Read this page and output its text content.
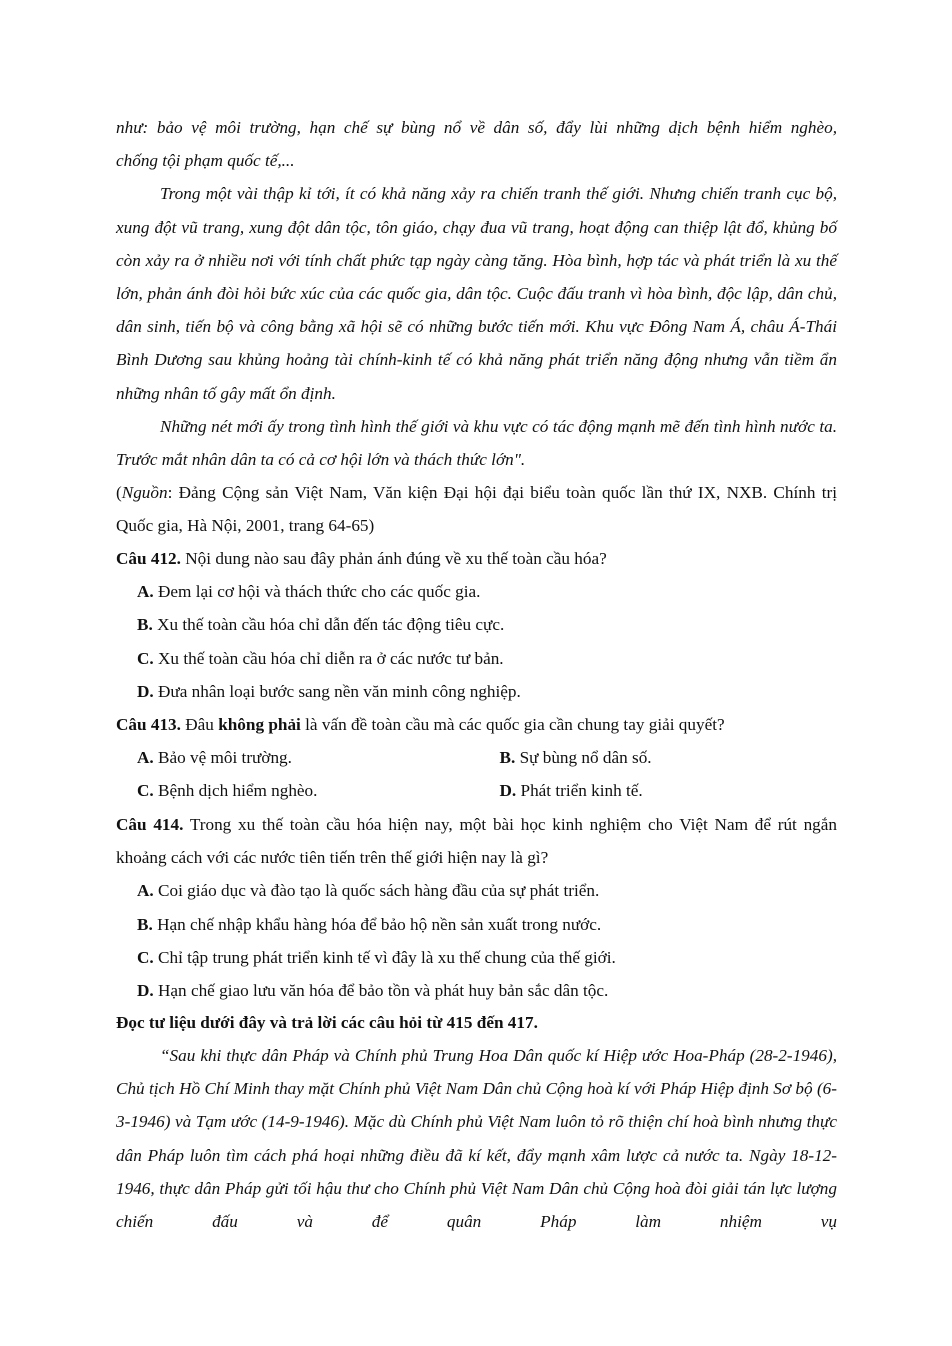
như: bảo vệ môi trường, hạn chế sự bùng nổ về dân số, đẩy lùi những dịch bệnh hiểm nghèo,

chống tội phạm quốc tế,...

Trong một vài thập kỉ tới, ít có khả năng xảy ra chiến tranh thế giới. Nhưng chiến tranh cục bộ, xung đột vũ trang, xung đột dân tộc, tôn giáo, chạy đua vũ trang, hoạt động can thiệp lật đổ, khủng bố còn xảy ra ở nhiều nơi với tính chất phức tạp ngày càng tăng. Hòa bình, hợp tác và phát triển là xu thế lớn, phản ánh đòi hỏi bức xúc của các quốc gia, dân tộc. Cuộc đấu tranh vì hòa bình, độc lập, dân chủ, dân sinh, tiến bộ và công bằng xã hội sẽ có những bước tiến mới. Khu vực Đông Nam Á, châu Á-Thái Bình Dương sau khủng hoảng tài chính-kinh tế có khả năng phát triển năng động nhưng vẫn tiềm ẩn những nhân tố gây mất ổn định.

Những nét mới ấy trong tình hình thế giới và khu vực có tác động mạnh mẽ đến tình hình nước ta. Trước mắt nhân dân ta có cả cơ hội lớn và thách thức lớn".

(Nguồn: Đảng Cộng sản Việt Nam, Văn kiện Đại hội đại biểu toàn quốc lần thứ IX, NXB. Chính trị Quốc gia, Hà Nội, 2001, trang 64-65)

Câu 412. Nội dung nào sau đây phản ánh đúng về xu thế toàn cầu hóa?

A. Đem lại cơ hội và thách thức cho các quốc gia.

B. Xu thế toàn cầu hóa chỉ dẫn đến tác động tiêu cực.

C. Xu thế toàn cầu hóa chỉ diễn ra ở các nước tư bản.

D. Đưa nhân loại bước sang nền văn minh công nghiệp.

Câu 413. Đâu không phải là vấn đề toàn cầu mà các quốc gia cần chung tay giải quyết?

A. Bảo vệ môi trường.	B. Sự bùng nổ dân số.

C. Bệnh dịch hiểm nghèo.	D. Phát triển kinh tế.

Câu 414. Trong xu thế toàn cầu hóa hiện nay, một bài học kinh nghiệm cho Việt Nam để rút ngắn khoảng cách với các nước tiên tiến trên thế giới hiện nay là gì?

A. Coi giáo dục và đào tạo là quốc sách hàng đầu của sự phát triển.

B. Hạn chế nhập khẩu hàng hóa để bảo hộ nền sản xuất trong nước.

C. Chỉ tập trung phát triển kinh tế vì đây là xu thế chung của thế giới.

D. Hạn chế giao lưu văn hóa để bảo tồn và phát huy bản sắc dân tộc.

Đọc tư liệu dưới đây và trả lời các câu hỏi từ 415 đến 417.

“Sau khi thực dân Pháp và Chính phủ Trung Hoa Dân quốc kí Hiệp ước Hoa-Pháp (28-2-1946), Chủ tịch Hồ Chí Minh thay mặt Chính phủ Việt Nam Dân chủ Cộng hoà kí với Pháp Hiệp định Sơ bộ (6-3-1946) và Tạm ước (14-9-1946). Mặc dù Chính phủ Việt Nam luôn tỏ rõ thiện chí hoà bình nhưng thực dân Pháp luôn tìm cách phá hoại những điều đã kí kết, đẩy mạnh xâm lược cả nước ta. Ngày 18-12-1946, thực dân Pháp gửi tối hậu thư cho Chính phủ Việt Nam Dân chủ Cộng hoà đòi giải tán lực lượng chiến đấu và để quân Pháp làm nhiệm vụ
